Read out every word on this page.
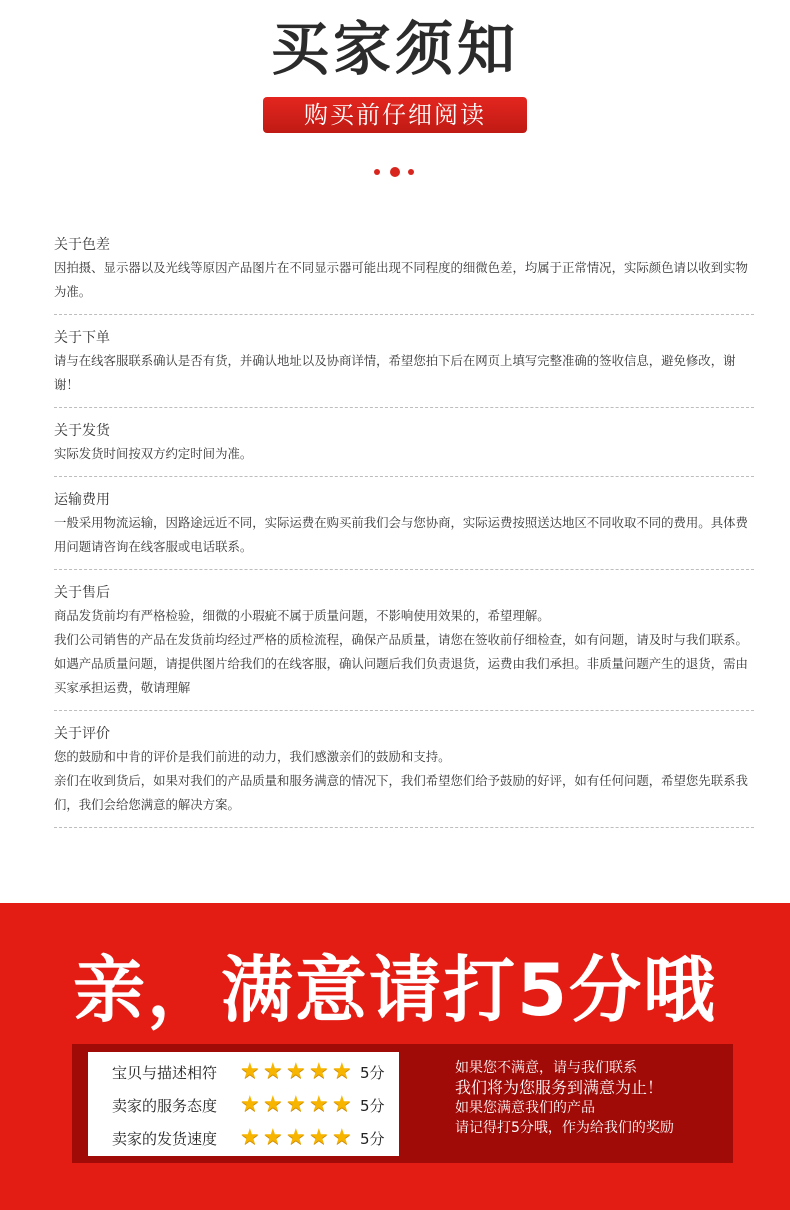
买家须知
购买前仔细阅读
关于色差

因拍摄、显示器以及光线等原因产品图片在不同显示器可能出现不同程度的细微色差，均属于正常情况，实际颜色请以收到实物为准。

关于下单

请与在线客服联系确认是否有货，并确认地址以及协商详情，希望您拍下后在网页上填写完整准确的签收信息，避免修改，谢谢！

关于发货

实际发货时间按双方约定时间为准。

运输费用

一般采用物流运输，因路途远近不同，实际运费在购买前我们会与您协商，实际运费按照送达地区不同收取不同的费用。具体费用问题请咨询在线客服或电话联系。

关于售后

商品发货前均有严格检验，细微的小瑕疵不属于质量问题，不影响使用效果的，希望理解。

我们公司销售的产品在发货前均经过严格的质检流程，确保产品质量，请您在签收前仔细检查，如有问题，请及时与我们联系。

如遇产品质量问题，请提供图片给我们的在线客服，确认问题后我们负责退货，运费由我们承担。非质量问题产生的退货，需由买家承担运费，敬请理解

关于评价

您的鼓励和中肯的评价是我们前进的动力，我们感激亲们的鼓励和支持。

亲们在收到货后，如果对我们的产品质量和服务满意的情况下，我们希望您们给予鼓励的好评，如有任何问题，希望您先联系我们，我们会给您满意的解决方案。

亲，满意请打5分哦
宝贝与描述相符 ★ ★ ★ ★ ★ 5分
卖家的服务态度 ★ ★ ★ ★ ★ 5分
卖家的发货速度 ★ ★ ★ ★ ★ 5分
如果您不满意，请与我们联系
我们将为您服务到满意为止！
如果您满意我们的产品
请记得打5分哦，作为给我们的奖励
